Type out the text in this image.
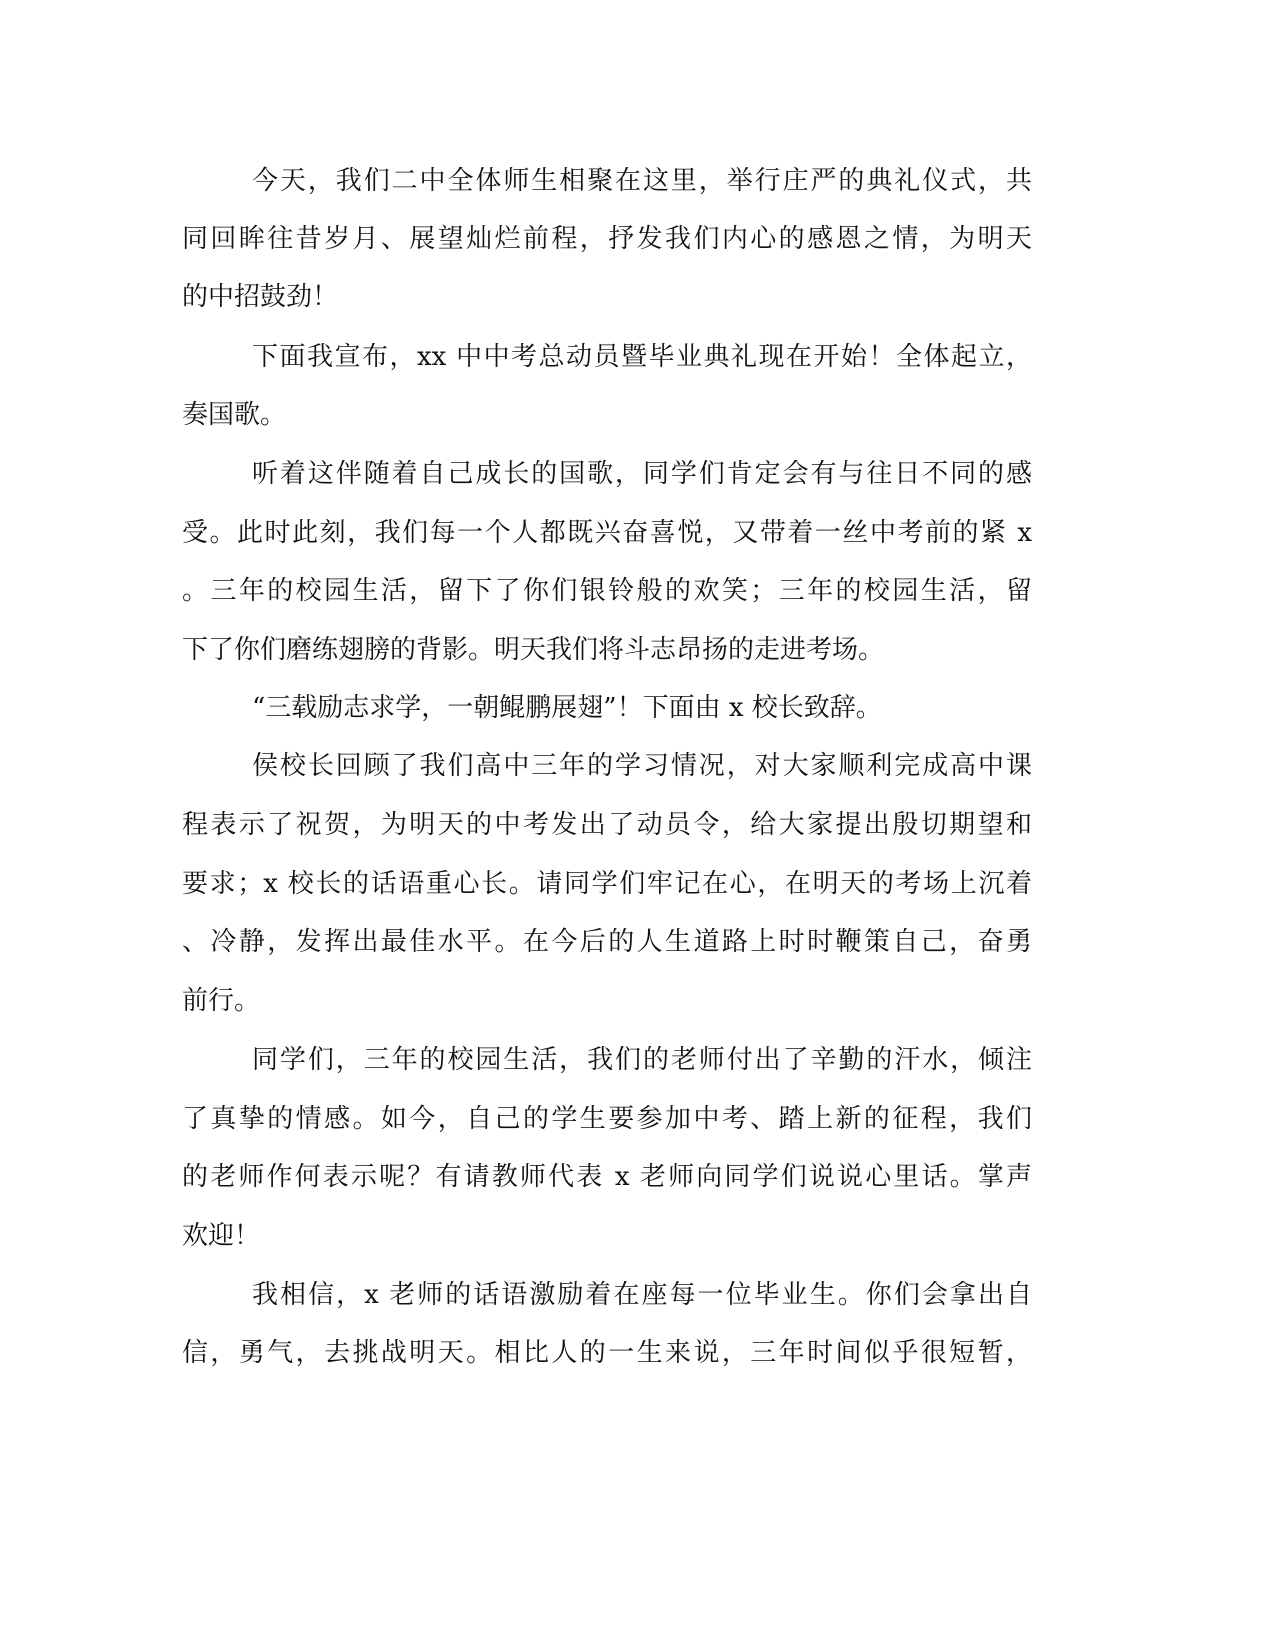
今天，我们二中全体师生相聚在这里，举行庄严的典礼仪式，共
同回眸往昔岁月、展望灿烂前程，抒发我们内心的感恩之情，为明天
的中招鼓劲！
下面我宣布，xx 中中考总动员暨毕业典礼现在开始！全体起立，
奏国歌。
听着这伴随着自己成长的国歌，同学们肯定会有与往日不同的感
受。此时此刻，我们每一个人都既兴奋喜悦，又带着一丝中考前的紧 x
。三年的校园生活，留下了你们银铃般的欢笑；三年的校园生活，留
下了你们磨练翅膀的背影。明天我们将斗志昂扬的走进考场。
“三载励志求学，一朝鲲鹏展翅”！下面由 x 校长致辞。
侯校长回顾了我们高中三年的学习情况，对大家顺利完成高中课
程表示了祝贺，为明天的中考发出了动员令，给大家提出殷切期望和
要求；x 校长的话语重心长。请同学们牢记在心，在明天的考场上沉着
、冷静，发挥出最佳水平。在今后的人生道路上时时鞭策自己，奋勇
前行。
同学们，三年的校园生活，我们的老师付出了辛勤的汗水，倾注
了真挚的情感。如今，自己的学生要参加中考、踏上新的征程，我们
的老师作何表示呢？有请教师代表 x 老师向同学们说说心里话。掌声
欢迎！
我相信，x 老师的话语激励着在座每一位毕业生。你们会拿出自
信，勇气，去挑战明天。相比人的一生来说，三年时间似乎很短暂，
